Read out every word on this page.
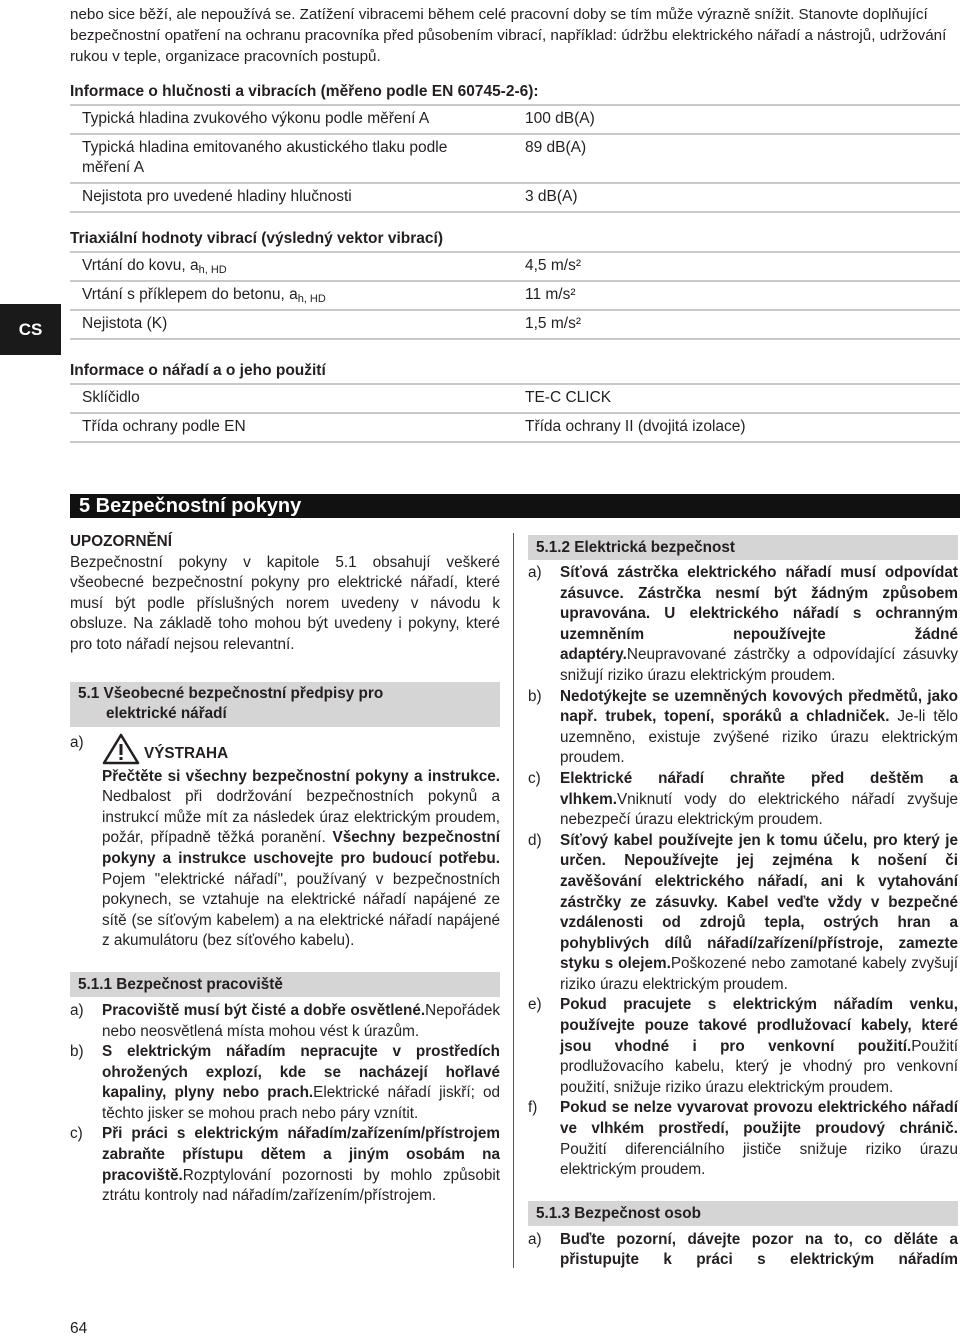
nebo sice běží, ale nepoužívá se. Zatížení vibracemi během celé pracovní doby se tím může výrazně snížit. Stanovte doplňující bezpečnostní opatření na ochranu pracovníka před působením vibrací, například: údržbu elektrického nářadí a nástrojů, udržování rukou v teple, organizace pracovních postupů.

Informace o hlučnosti a vibracích (měřeno podle EN 60745‑2‑6):
Typická hladina zvukového výkonu podle měření A	100 dB(A)
Typická hladina emitovaného akustického tlaku podle měření A	89 dB(A)
Nejistota pro uvedené hladiny hlučnosti	3 dB(A)
Triaxiální hodnoty vibrací (výsledný vektor vibrací)
Vrtání do kovu, $a_{h, HD}$	4,5 m/s²
Vrtání s příklepem do betonu, $a_{h, HD}$	11 m/s²
Nejistota (K)	1,5 m/s²
CS
Informace o nářadí a o jeho použití
Sklíčidlo	TE‑C CLICK
Třída ochrany podle EN	Třída ochrany II (dvojitá izolace)
5 Bezpečnostní pokyny
UPOZORNĚNÍ

Bezpečnostní pokyny v kapitole 5.1 obsahují veškeré všeobecné bezpečnostní pokyny pro elektrické nářadí, které musí být podle příslušných norem uvedeny v návodu k obsluze. Na základě toho mohou být uvedeny i pokyny, které pro toto nářadí nejsou relevantní.

5.1 Všeobecné bezpečnostní předpisy pro
elektrické nářadí
a)
VÝSTRAHA

Přečtěte si všechny bezpečnostní pokyny a instrukce. Nedbalost při dodržování bezpečnostních pokynů a instrukcí může mít za následek úraz elektrickým proudem, požár, případně těžká poranění. Všechny bezpečnostní pokyny a instrukce uschovejte pro budoucí potřebu. Pojem "elektrické nářadí", používaný v bezpečnostních pokynech, se vztahuje na elektrické nářadí napájené ze sítě (se síťovým kabelem) a na elektrické nářadí napájené z akumulátoru (bez síťového kabelu).

5.1.1 Bezpečnost pracoviště
a)	Pracoviště musí být čisté a dobře osvětlené.Nepořádek nebo neosvětlená místa mohou vést k úrazům.
b)	S elektrickým nářadím nepracujte v prostředích ohrožených explozí, kde se nacházejí hořlavé kapaliny, plyny nebo prach.Elektrické nářadí jiskří; od těchto jisker se mohou prach nebo páry vznítit.
c)	Při práci s elektrickým nářadím/zařízením/přístrojem zabraňte přístupu dětem a jiným osobám na pracoviště.Rozptylování pozornosti by mohlo způsobit ztrátu kontroly nad nářadím/zařízením/přístrojem.
5.1.2 Elektrická bezpečnost
a)	Síťová zástrčka elektrického nářadí musí odpovídat zásuvce. Zástrčka nesmí být žádným způsobem upravována. U elektrického nářadí s ochranným uzemněním nepoužívejte žádné adaptéry.Neupravované zástrčky a odpovídající zásuvky snižují riziko úrazu elektrickým proudem.
b)	Nedotýkejte se uzemněných kovových předmětů, jako např. trubek, topení, sporáků a chladniček. Je-li tělo uzemněno, existuje zvýšené riziko úrazu elektrickým proudem.
c)	Elektrické nářadí chraňte před deštěm a vlhkem.Vniknutí vody do elektrického nářadí zvyšuje nebezpečí úrazu elektrickým proudem.
d)	Síťový kabel používejte jen k tomu účelu, pro který je určen. Nepoužívejte jej zejména k nošení či zavěšování elektrického nářadí, ani k vytahování zástrčky ze zásuvky. Kabel veďte vždy v bezpečné vzdálenosti od zdrojů tepla, ostrých hran a pohyblivých dílů nářadí/zařízení/přístroje, zamezte styku s olejem.Poškozené nebo zamotané kabely zvyšují riziko úrazu elektrickým proudem.
e)	Pokud pracujete s elektrickým nářadím venku, používejte pouze takové prodlužovací kabely, které jsou vhodné i pro venkovní použití.Použití prodlužovacího kabelu, který je vhodný pro venkovní použití, snižuje riziko úrazu elektrickým proudem.
f)	Pokud se nelze vyvarovat provozu elektrického nářadí ve vlhkém prostředí, použijte proudový chránič. Použití diferenciálního jističe snižuje riziko úrazu elektrickým proudem.
5.1.3 Bezpečnost osob
a)	Buďte pozorní, dávejte pozor na to, co děláte a přistupujte k práci s elektrickým nářadím
64
